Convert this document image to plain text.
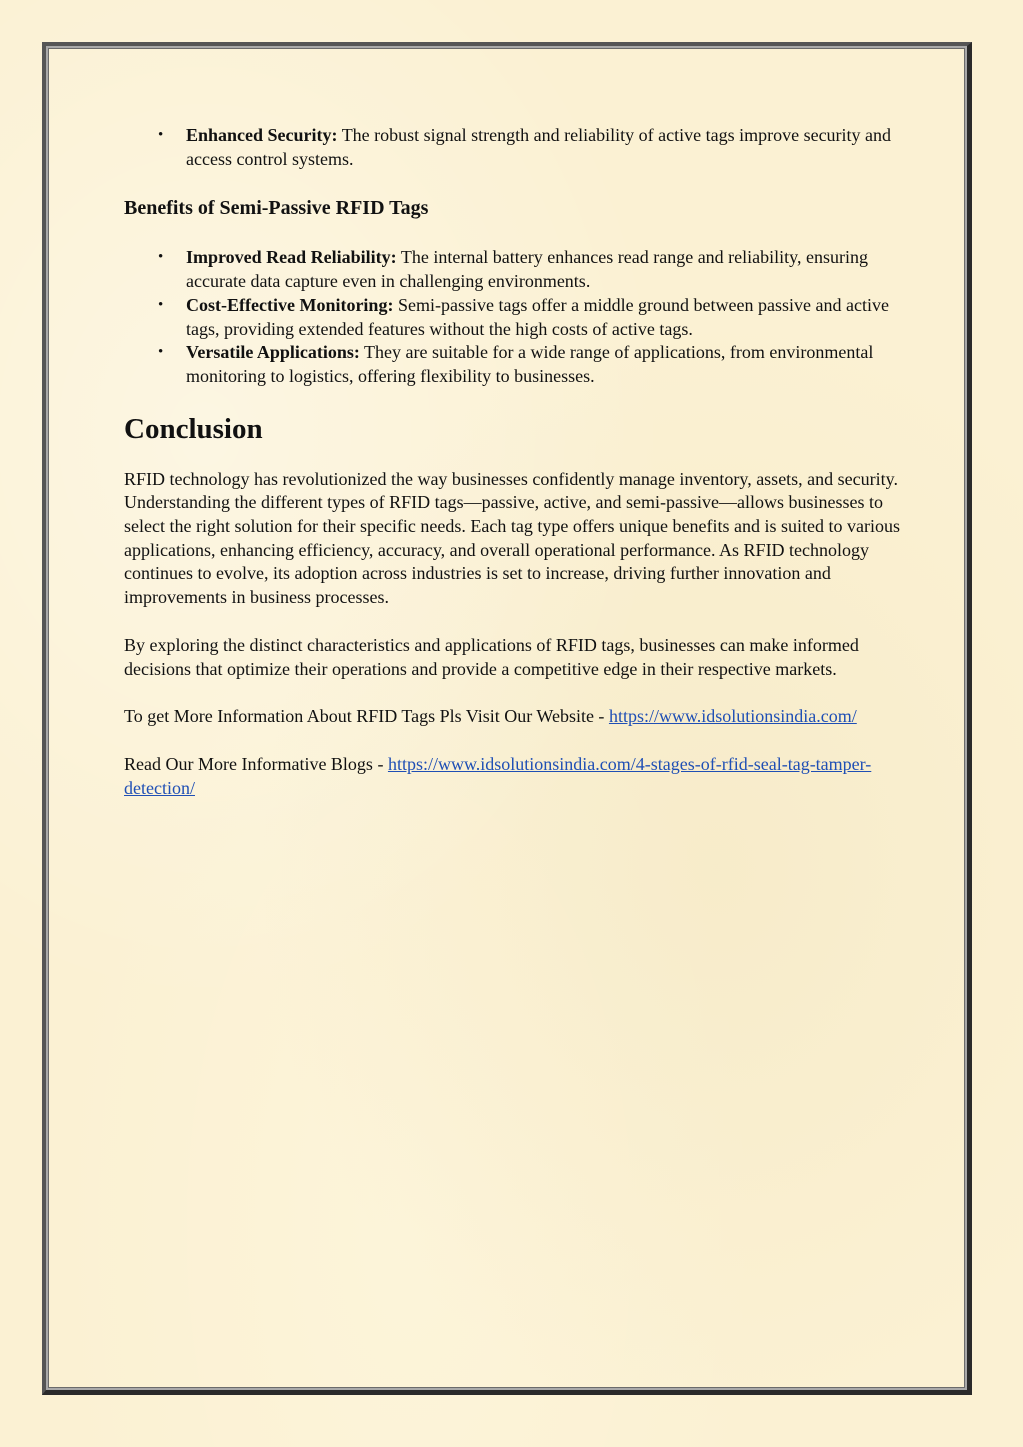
• Enhanced Security: The robust signal strength and reliability of active tags improve security and access control systems.
Benefits of Semi-Passive RFID Tags
• Improved Read Reliability: The internal battery enhances read range and reliability, ensuring accurate data capture even in challenging environments.
• Cost-Effective Monitoring: Semi-passive tags offer a middle ground between passive and active tags, providing extended features without the high costs of active tags.
• Versatile Applications: They are suitable for a wide range of applications, from environmental monitoring to logistics, offering flexibility to businesses.
Conclusion

RFID technology has revolutionized the way businesses confidently manage inventory, assets, and security. Understanding the different types of RFID tags—passive, active, and semi-passive—allows businesses to select the right solution for their specific needs. Each tag type offers unique benefits and is suited to various applications, enhancing efficiency, accuracy, and overall operational performance. As RFID technology continues to evolve, its adoption across industries is set to increase, driving further innovation and improvements in business processes.

By exploring the distinct characteristics and applications of RFID tags, businesses can make informed decisions that optimize their operations and provide a competitive edge in their respective markets.

To get More Information About RFID Tags Pls Visit Our Website - https://www.idsolutionsindia.com/

Read Our More Informative Blogs - https://www.idsolutionsindia.com/4-stages-of-rfid-seal-tag-tamper-detection/
